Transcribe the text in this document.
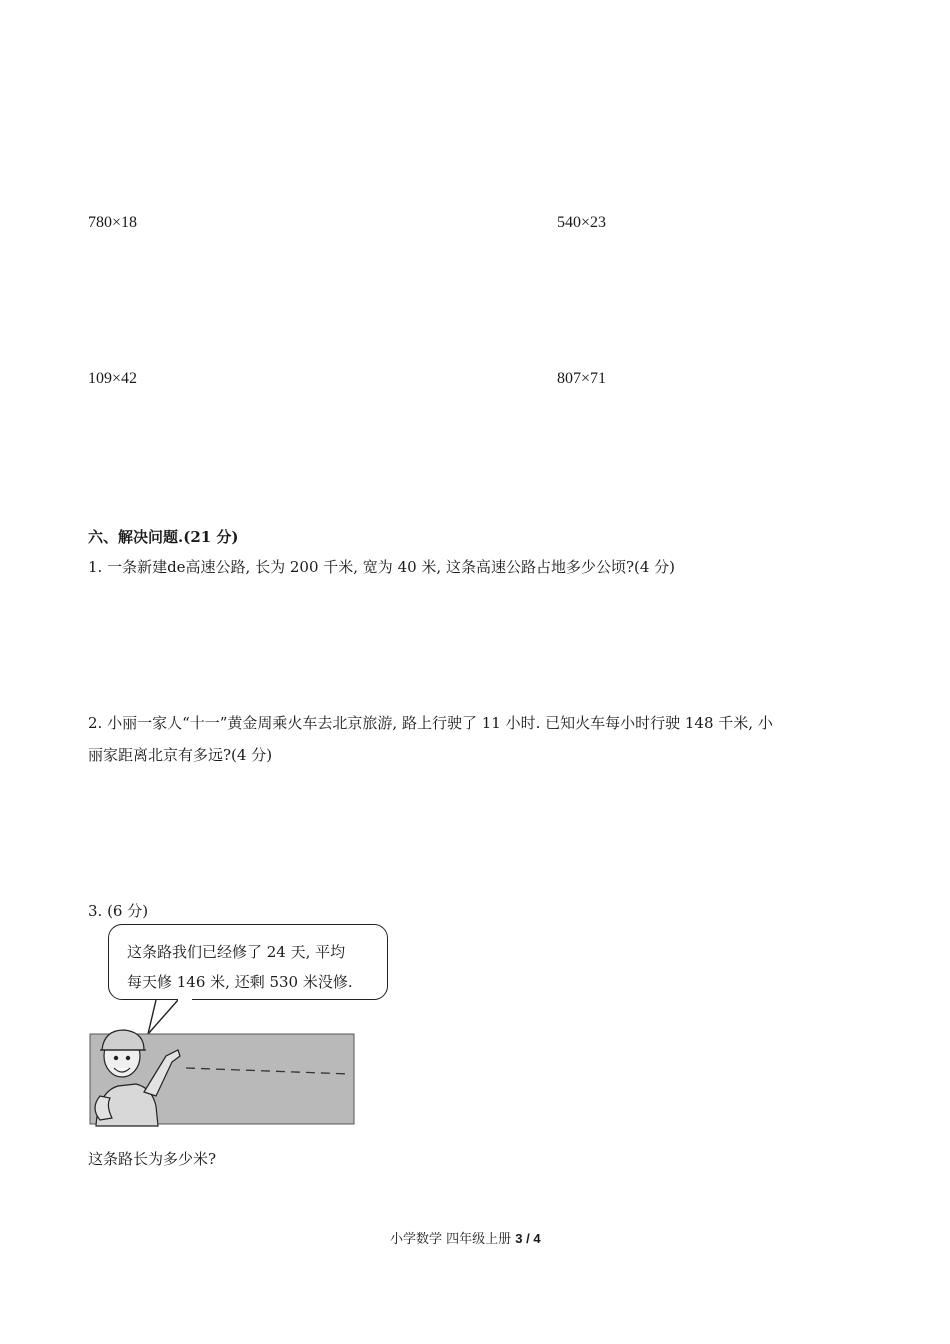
780×18	540×23
109×42	807×71
六、解决问题.(21 分)
1. 一条新建de高速公路, 长为 200 千米, 宽为 40 米, 这条高速公路占地多少公顷?(4 分)
2. 小丽一家人“十一”黄金周乘火车去北京旅游, 路上行驶了 11 小时. 已知火车每小时行驶 148 千米, 小
丽家距离北京有多远?(4 分)
3. (6 分)
这条路我们已经修了 24 天, 平均
每天修 146 米, 还剩 530 米没修.
这条路长为多少米?
小学数学 四年级上册 3 / 4
